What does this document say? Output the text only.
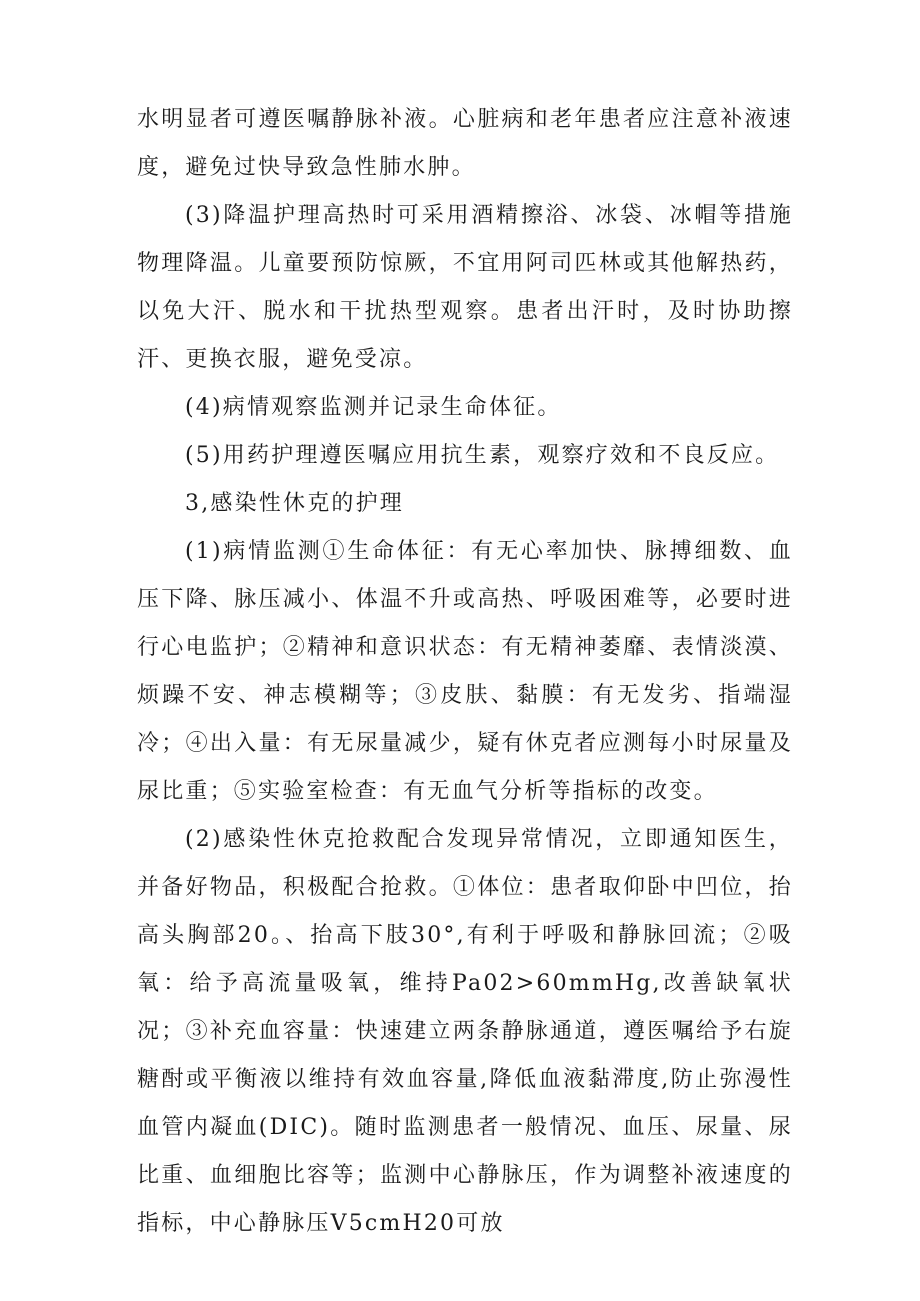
水明显者可遵医嘱静脉补液。心脏病和老年患者应注意补液速度，避免过快导致急性肺水肿。

(3)降温护理高热时可采用酒精擦浴、冰袋、冰帽等措施物理降温。儿童要预防惊厥，不宜用阿司匹林或其他解热药，以免大汗、脱水和干扰热型观察。患者出汗时，及时协助擦汗、更换衣服，避免受凉。

(4)病情观察监测并记录生命体征。

(5)用药护理遵医嘱应用抗生素，观察疗效和不良反应。

3,感染性休克的护理

(1)病情监测①生命体征：有无心率加快、脉搏细数、血压下降、脉压减小、体温不升或高热、呼吸困难等，必要时进行心电监护；②精神和意识状态：有无精神萎靡、表情淡漠、烦躁不安、神志模糊等；③皮肤、黏膜：有无发劣、指端湿冷；④出入量：有无尿量减少，疑有休克者应测每小时尿量及尿比重；⑤实验室检查：有无血气分析等指标的改变。

(2)感染性休克抢救配合发现异常情况，立即通知医生，并备好物品，积极配合抢救。①体位：患者取仰卧中凹位，抬高头胸部20。、抬高下肢30°,有利于呼吸和静脉回流；②吸氧：给予高流量吸氧，维持Pa02>60mmHg,改善缺氧状况；③补充血容量：快速建立两条静脉通道，遵医嘱给予右旋糖酎或平衡液以维持有效血容量,降低血液黏滞度,防止弥漫性血管内凝血(DIC)。随时监测患者一般情况、血压、尿量、尿比重、血细胞比容等；监测中心静脉压，作为调整补液速度的指标，中心静脉压V5cmH20可放
